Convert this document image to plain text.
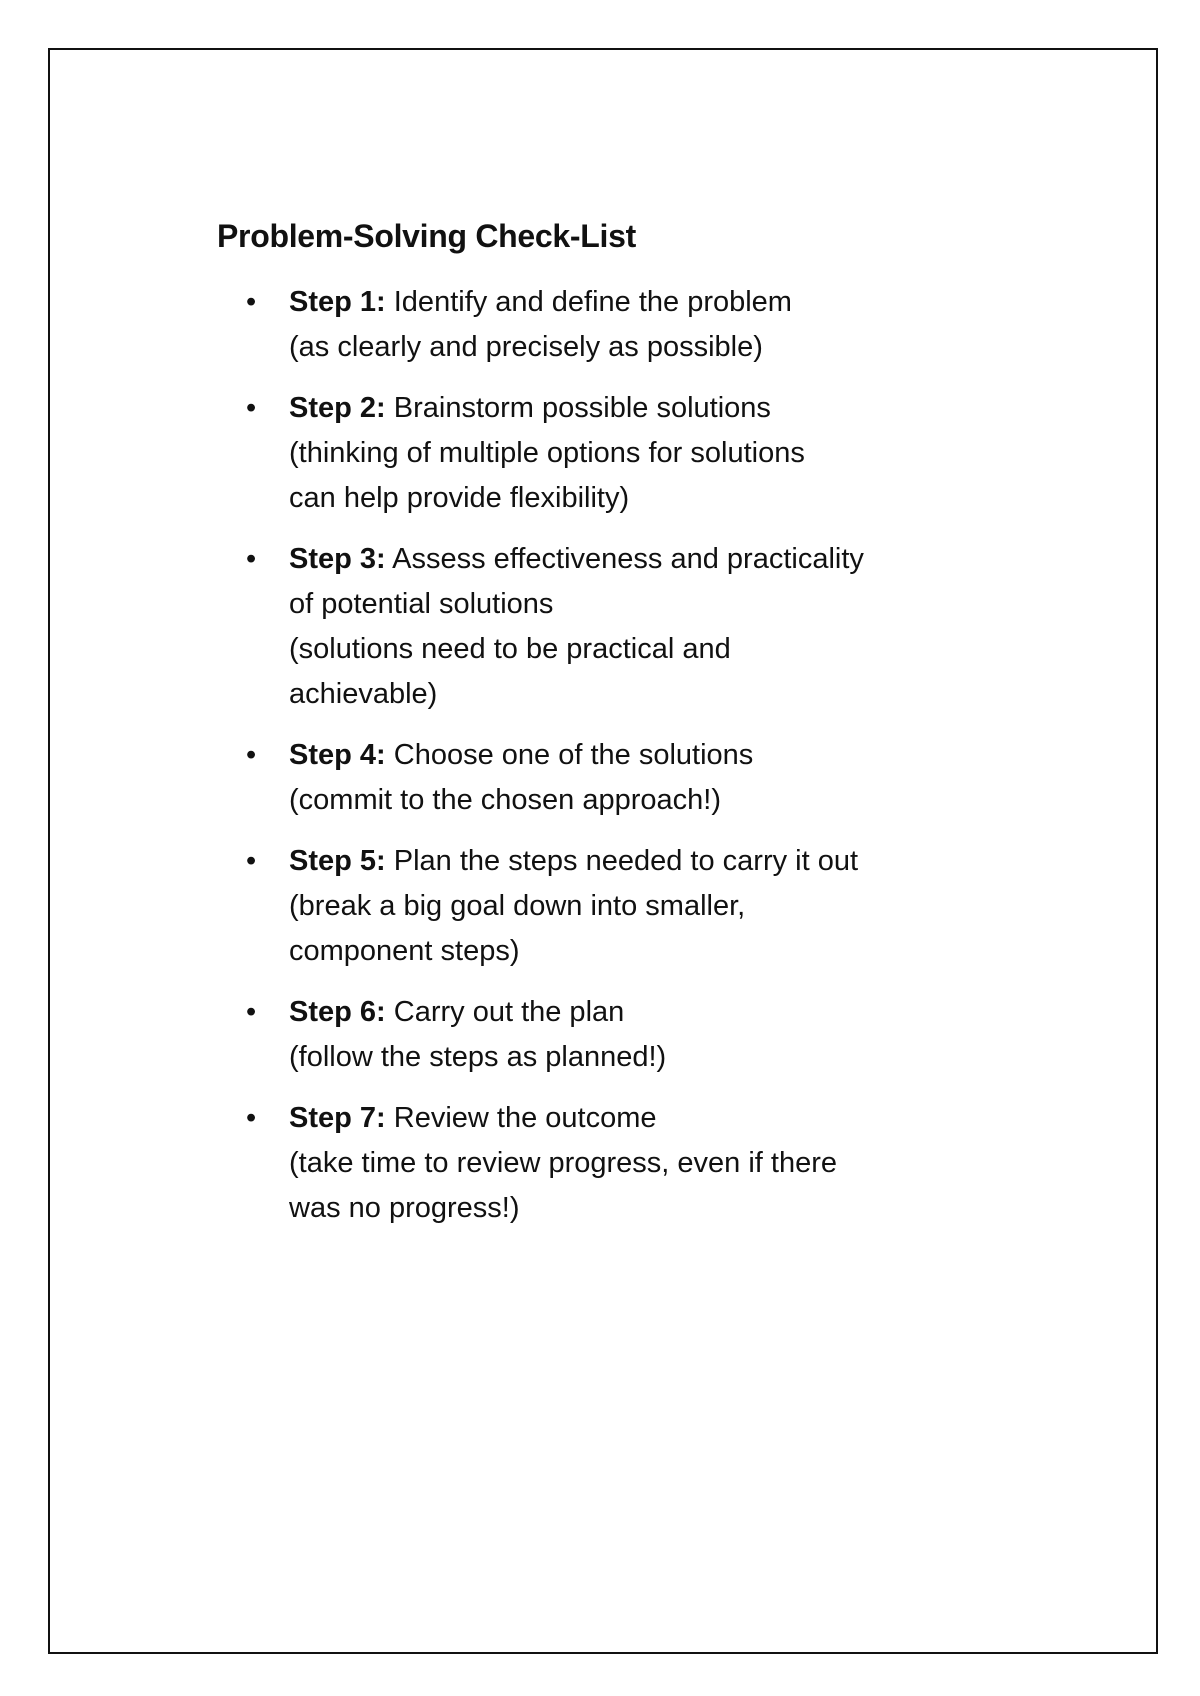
Problem-Solving Check-List
• Step 1: Identify and define the problem
(as clearly and precisely as possible)
• Step 2: Brainstorm possible solutions
(thinking of multiple options for solutions
can help provide flexibility)
• Step 3: Assess effectiveness and practicality
of potential solutions
(solutions need to be practical and
achievable)
• Step 4: Choose one of the solutions
(commit to the chosen approach!)
• Step 5: Plan the steps needed to carry it out
(break a big goal down into smaller,
component steps)
• Step 6: Carry out the plan
(follow the steps as planned!)
• Step 7: Review the outcome
(take time to review progress, even if there
was no progress!)
